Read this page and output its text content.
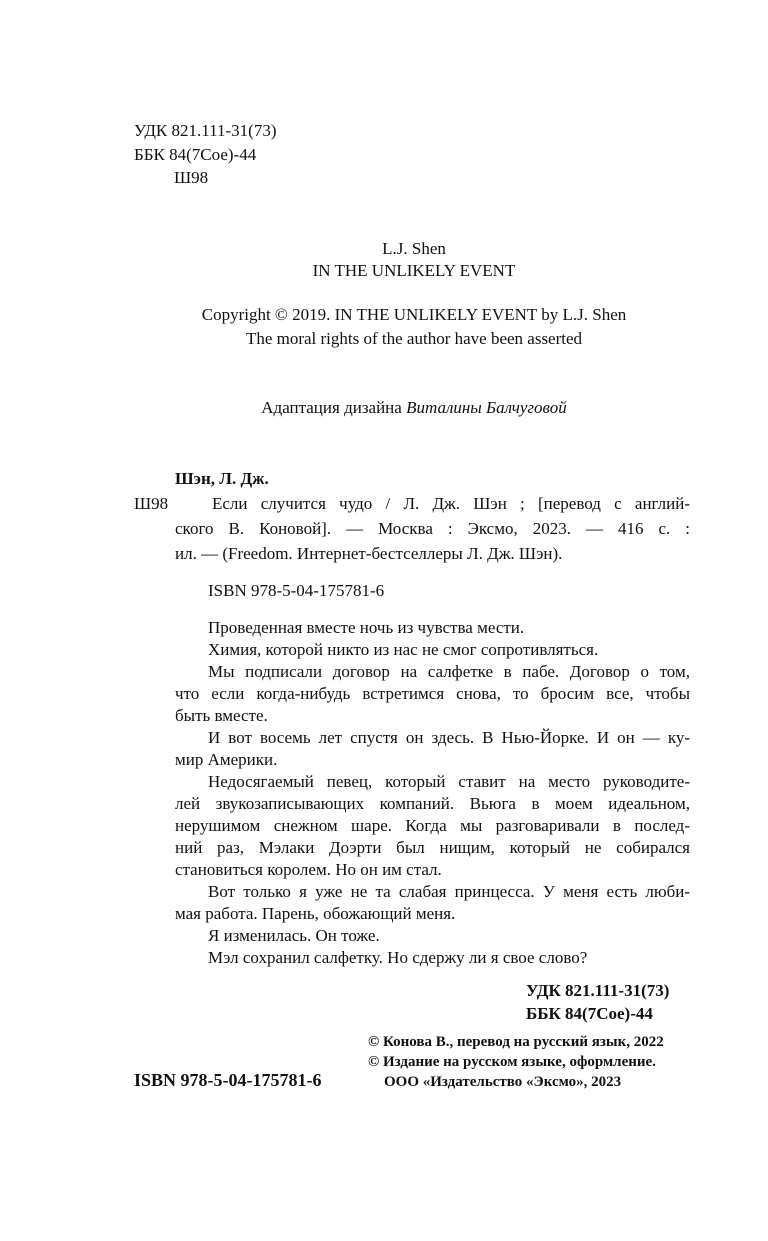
УДК 821.111-31(73)
ББК 84(7Сое)-44
Ш98
L.J. Shen
IN THE UNLIKELY EVENT
Copyright © 2019. IN THE UNLIKELY EVENT by L.J. Shen
The moral rights of the author have been asserted
Адаптация дизайна Виталины Балчуговой
Шэн, Л. Дж.
Ш98	Если случится чудо / Л. Дж. Шэн ; [перевод с англий-
ского В. Коновой]. — Москва : Эксмо, 2023. — 416 с. :
ил. — (Freedom. Интернет-бестселлеры Л. Дж. Шэн).
ISBN 978-5-04-175781-6
Проведенная вместе ночь из чувства мести.
Химия, которой никто из нас не смог сопротивляться.
Мы подписали договор на салфетке в пабе. Договор о том,
что если когда-нибудь встретимся снова, то бросим все, чтобы
быть вместе.
И вот восемь лет спустя он здесь. В Нью-Йорке. И он — ку-
мир Америки.
Недосягаемый певец, который ставит на место руководите-
лей звукозаписывающих компаний. Вьюга в моем идеальном,
нерушимом снежном шаре. Когда мы разговаривали в послед-
ний раз, Мэлаки Доэрти был нищим, который не собирался
становиться королем. Но он им стал.
Вот только я уже не та слабая принцесса. У меня есть люби-
мая работа. Парень, обожающий меня.
Я изменилась. Он тоже.
Мэл сохранил салфетку. Но сдержу ли я свое слово?
УДК 821.111-31(73)
ББК 84(7Сое)-44
ISBN 978-5-04-175781-6
© Конова В., перевод на русский язык, 2022
© Издание на русском языке, оформление.
ООО «Издательство «Эксмо», 2023
